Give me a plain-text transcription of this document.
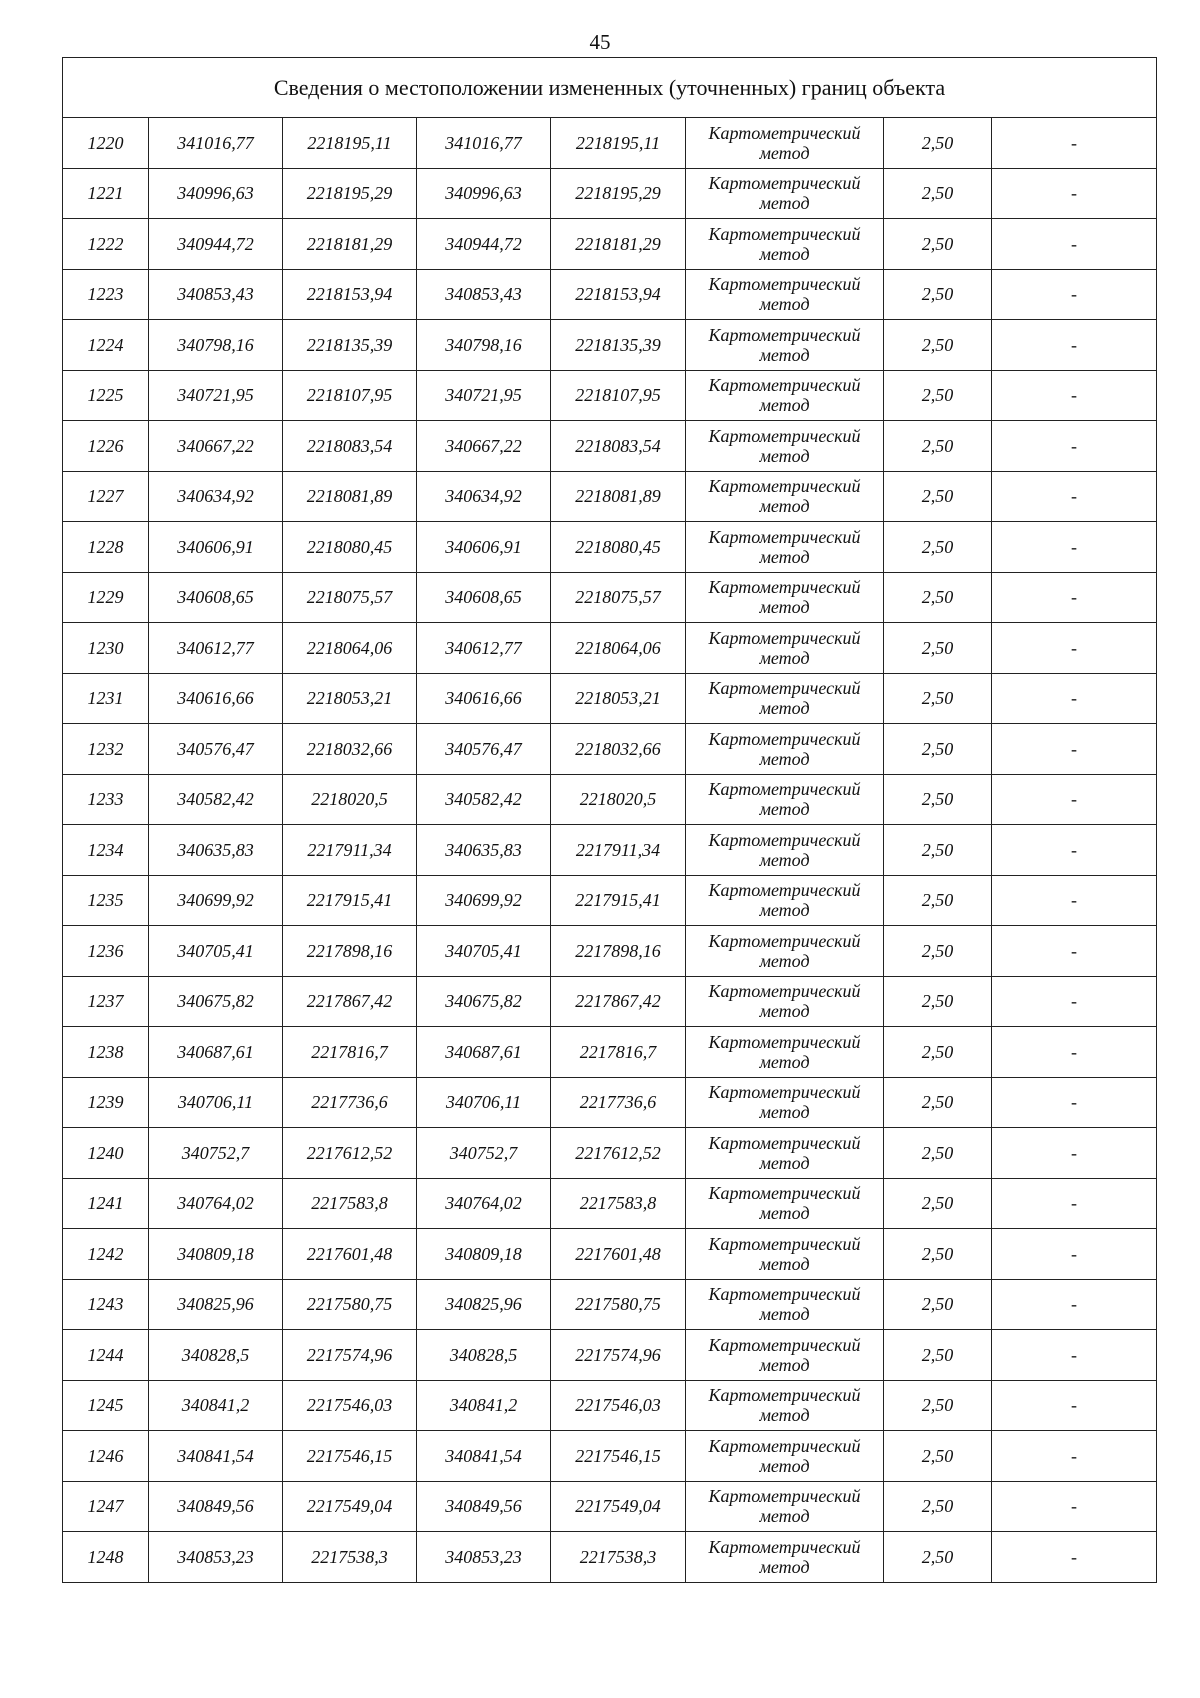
45
Сведения о местоположении измененных (уточненных) границ объекта							
1220	341016,77	2218195,11	341016,77	2218195,11	Картометрический
метод	2,50	-
1221	340996,63	2218195,29	340996,63	2218195,29	Картометрический
метод	2,50	-
1222	340944,72	2218181,29	340944,72	2218181,29	Картометрический
метод	2,50	-
1223	340853,43	2218153,94	340853,43	2218153,94	Картометрический
метод	2,50	-
1224	340798,16	2218135,39	340798,16	2218135,39	Картометрический
метод	2,50	-
1225	340721,95	2218107,95	340721,95	2218107,95	Картометрический
метод	2,50	-
1226	340667,22	2218083,54	340667,22	2218083,54	Картометрический
метод	2,50	-
1227	340634,92	2218081,89	340634,92	2218081,89	Картометрический
метод	2,50	-
1228	340606,91	2218080,45	340606,91	2218080,45	Картометрический
метод	2,50	-
1229	340608,65	2218075,57	340608,65	2218075,57	Картометрический
метод	2,50	-
1230	340612,77	2218064,06	340612,77	2218064,06	Картометрический
метод	2,50	-
1231	340616,66	2218053,21	340616,66	2218053,21	Картометрический
метод	2,50	-
1232	340576,47	2218032,66	340576,47	2218032,66	Картометрический
метод	2,50	-
1233	340582,42	2218020,5	340582,42	2218020,5	Картометрический
метод	2,50	-
1234	340635,83	2217911,34	340635,83	2217911,34	Картометрический
метод	2,50	-
1235	340699,92	2217915,41	340699,92	2217915,41	Картометрический
метод	2,50	-
1236	340705,41	2217898,16	340705,41	2217898,16	Картометрический
метод	2,50	-
1237	340675,82	2217867,42	340675,82	2217867,42	Картометрический
метод	2,50	-
1238	340687,61	2217816,7	340687,61	2217816,7	Картометрический
метод	2,50	-
1239	340706,11	2217736,6	340706,11	2217736,6	Картометрический
метод	2,50	-
1240	340752,7	2217612,52	340752,7	2217612,52	Картометрический
метод	2,50	-
1241	340764,02	2217583,8	340764,02	2217583,8	Картометрический
метод	2,50	-
1242	340809,18	2217601,48	340809,18	2217601,48	Картометрический
метод	2,50	-
1243	340825,96	2217580,75	340825,96	2217580,75	Картометрический
метод	2,50	-
1244	340828,5	2217574,96	340828,5	2217574,96	Картометрический
метод	2,50	-
1245	340841,2	2217546,03	340841,2	2217546,03	Картометрический
метод	2,50	-
1246	340841,54	2217546,15	340841,54	2217546,15	Картометрический
метод	2,50	-
1247	340849,56	2217549,04	340849,56	2217549,04	Картометрический
метод	2,50	-
1248	340853,23	2217538,3	340853,23	2217538,3	Картометрический
метод	2,50	-
